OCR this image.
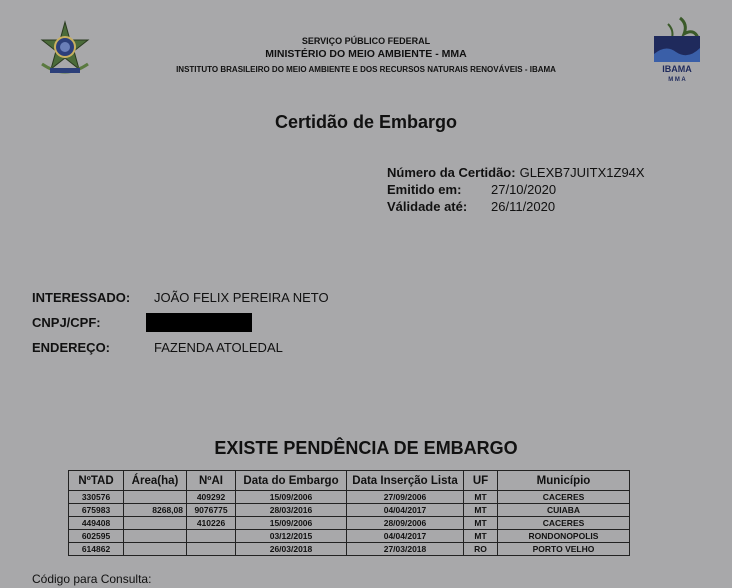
IBAMA
M M A
SERVIÇO PÚBLICO FEDERAL
MINISTÉRIO DO MEIO AMBIENTE - MMA
INSTITUTO BRASILEIRO DO MEIO AMBIENTE E DOS RECURSOS NATURAIS RENOVÁVEIS - IBAMA
Certidão de Embargo
Número da Certidão: GLEXB7JUITX1Z94X
Emitido em: 27/10/2020
Válidade até: 26/11/2020
INTERESSADO: JOÃO FELIX PEREIRA NETO
CNPJ/CPF:
ENDEREÇO:	FAZENDA ATOLEDAL
EXISTE PENDÊNCIA DE EMBARGO
NºTAD	Área(ha)	NºAI	Data do Embargo	Data Inserção Lista	UF	Município
330576		409292	15/09/2006	27/09/2006	MT	CACERES
675983	8268,08	9076775	28/03/2016	04/04/2017	MT	CUIABA
449408		410226	15/09/2006	28/09/2006	MT	CACERES
602595			03/12/2015	04/04/2017	MT	RONDONOPOLIS
614862			26/03/2018	27/03/2018	RO	PORTO VELHO
Código para Consulta:
